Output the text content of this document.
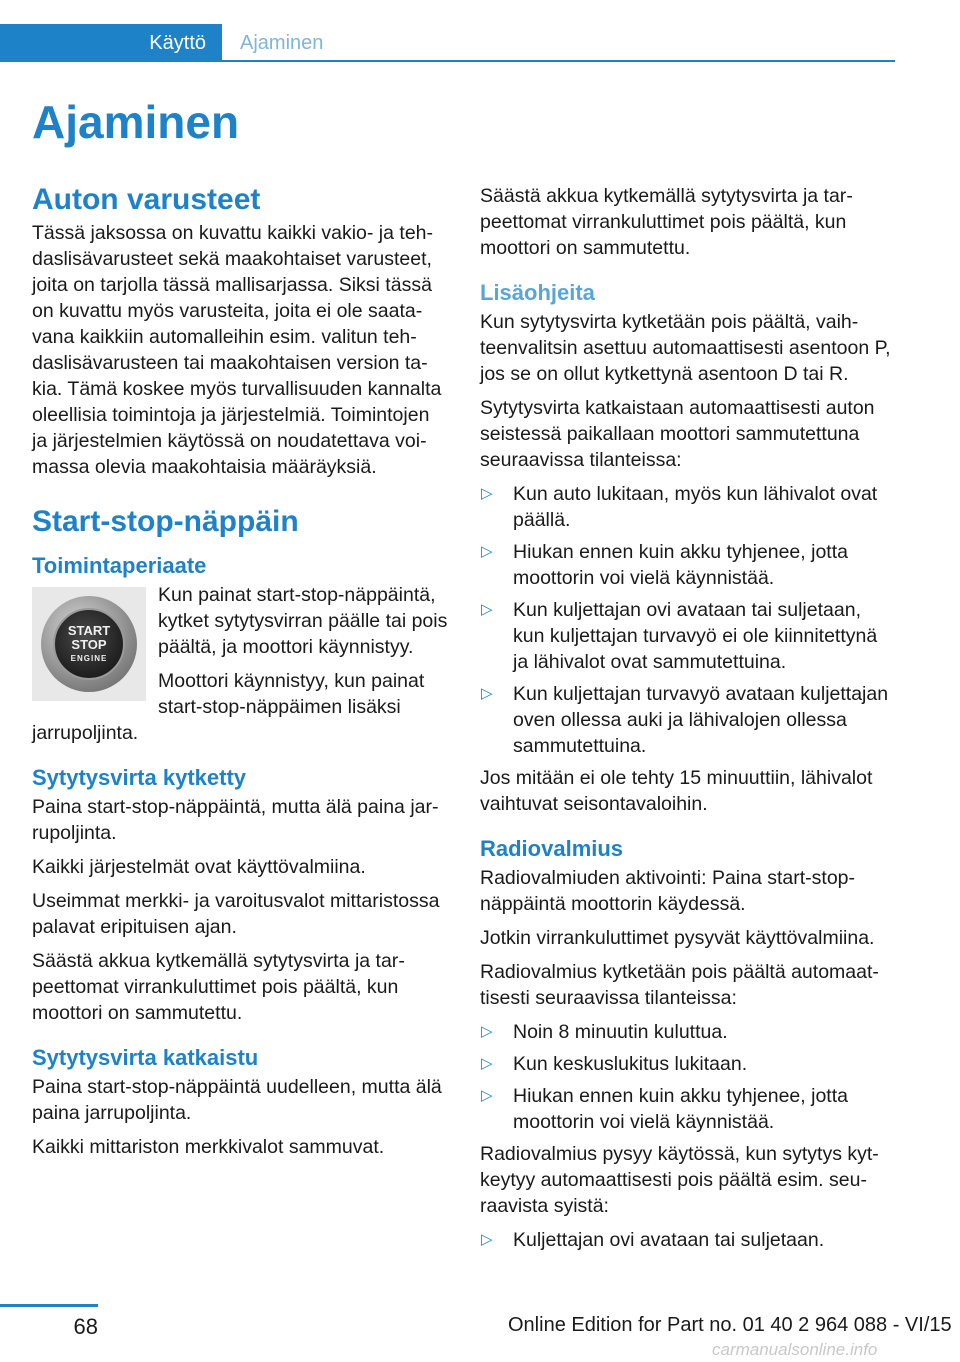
Käyttö	Ajaminen
Ajaminen
Auton varusteet

Tässä jaksossa on kuvattu kaikki vakio- ja tehdaslisävarusteet sekä maakohtaiset varusteet, joita on tarjolla tässä mallisarjassa. Siksi tässä on kuvattu myös varusteita, joita ei ole saatavana kaikkiin automalleihin esim. valitun tehdaslisävarusteen tai maakohtaisen version takia. Tämä koskee myös turvallisuuden kannalta oleellisia toimintoja ja järjestelmiä. Toimintojen ja järjestelmien käytössä on noudatettava voimassa olevia maakohtaisia määräyksiä.

Start-stop-näppäin
Toimintaperiaate
START
STOP
ENGINE

Kun painat start-stop-näppäintä, kytket sytytysvirran päälle tai pois päältä, ja moottori käynnistyy.

Moottori käynnistyy, kun painat start-stop-näppäimen lisäksi jarrupoljinta.

Sytytysvirta kytketty

Paina start-stop-näppäintä, mutta älä paina jarrupoljinta.

Kaikki järjestelmät ovat käyttövalmiina.

Useimmat merkki- ja varoitusvalot mittaristossa palavat eripituisen ajan.

Säästä akkua kytkemällä sytytysvirta ja tarpeettomat virrankuluttimet pois päältä, kun moottori on sammutettu.

Sytytysvirta katkaistu

Paina start-stop-näppäintä uudelleen, mutta älä paina jarrupoljinta.

Kaikki mittariston merkkivalot sammuvat.

Säästä akkua kytkemällä sytytysvirta ja tarpeettomat virrankuluttimet pois päältä, kun moottori on sammutettu.

Lisäohjeita

Kun sytytysvirta kytketään pois päältä, vaihteenvalitsin asettuu automaattisesti asentoon P, jos se on ollut kytkettynä asentoon D tai R.

Sytytysvirta katkaistaan automaattisesti auton seistessä paikallaan moottori sammutettuna seuraavissa tilanteissa:

▷ Kun auto lukitaan, myös kun lähivalot ovat päällä.
▷ Hiukan ennen kuin akku tyhjenee, jotta moottorin voi vielä käynnistää.
▷ Kun kuljettajan ovi avataan tai suljetaan, kun kuljettajan turvavyö ei ole kiinnitettynä ja lähivalot ovat sammutettuina.
▷ Kun kuljettajan turvavyö avataan kuljettajan oven ollessa auki ja lähivalojen ollessa sammutettuina.

Jos mitään ei ole tehty 15 minuuttiin, lähivalot vaihtuvat seisontavaloihin.

Radiovalmius

Radiovalmiuden aktivointi: Paina start-stop-näppäintä moottorin käydessä.

Jotkin virrankuluttimet pysyvät käyttövalmiina.

Radiovalmius kytketään pois päältä automaattisesti seuraavissa tilanteissa:

▷ Noin 8 minuutin kuluttua.
▷ Kun keskuslukitus lukitaan.
▷ Hiukan ennen kuin akku tyhjenee, jotta moottorin voi vielä käynnistää.

Radiovalmius pysyy käytössä, kun sytytys kytkeytyy automaattisesti pois päältä esim. seuraavista syistä:

▷ Kuljettajan ovi avataan tai suljetaan.
68	Online Edition for Part no. 01 40 2 964 088 - VI/15
carmanualsonline.info
